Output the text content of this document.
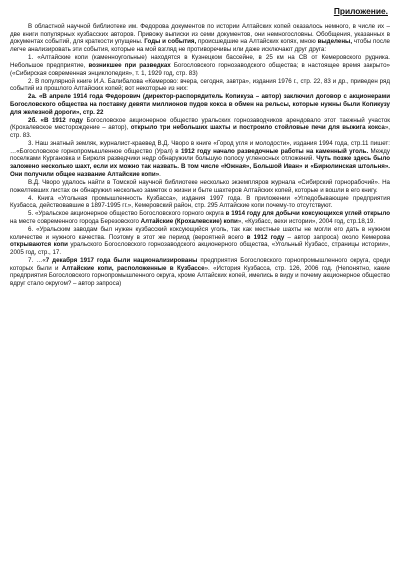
Приложение.

В областной научной библиотеке им. Федорова документов по истории Алтайских копей оказалось немного, в числе их – две книги популярных кузбасских авторов. Привожу выписки из семи документов, они немногословны. Обобщения, указанных в документах событий, для краткости упущены. Годы и события, происшедшие на Алтайских копях, мною выделены, чтобы после легче анализировать эти события, которые на мой взгляд не противоречивы или даже исключают друг друга:

1. «Алтайские копи (каменноугольные) находятся в Кузнецком бассейне, в 25 км на СВ от Кемеровского рудника. Небольшое предприятие, возникшее при разведках Богословского горнозаводского общества; в настоящее время закрыто» («Сибирская современная энциклопедия», т. 1, 1929 год, стр. 83)

2. В популярной книге И.А. Балибалова «Кемерово: вчера, сегодня, завтра», издания 1976 г., стр. 22, 83 и др., приведен ряд событий из прошлого Алтайских копей; вот некоторые из них:

2а. «В апреле 1914 года Федорович (директор-распорядитель Копикуза – автор) заключил договор с акционерами Богословского общества на поставку девяти миллионов пудов кокса в обмен на рельсы, которые нужны были Копикузу для железной дороги», стр. 22

2б. «В 1912 году Богословское акционерное общество уральских горнозаводчиков арендовало этот таежный участок (Крохалевское месторождение – автор), открыло три небольших шахты и построило стойловые печи для выжига кокса», стр. 83.

3. Наш знатный земляк, журналист-краевед В.Д. Чворо в книге «Город угля и молодости», издания 1994 года, стр.11 пишет: …«Богословское горнопромышленное общество (Урал) в 1912 году начало разведочные работы на каменный уголь. Между поселками Кургановка и Бирюля разведчики недр обнаружили большую полосу угленосных отложений. Чуть позже здесь было заложено несколько шахт, если их можно так назвать. В том числе «Южная», Большой Иван» и «Бирюлинская штольня». Они получили общее название Алтайские копи».

В.Д. Чворо удалось найти в Томской научной библиотеке несколько экземпляров журнала «Сибирский горнорабочий». На пожелтевших листах он обнаружил несколько заметок о жизни и быте шахтеров Алтайских копей, которые и вошли в его книгу.

4. Книга «Угольная промышленность Кузбасса», издания 1997 года. В приложении «Угледобывающие предприятия Кузбасса, действовавшие в 1897-1995 гг.», Кемеровский район, стр. 295 Алтайские копи почему-то отсутствуют.

5. «Уральское акционерное общество Богословского горного округа в 1914 году для добычи коксующихся углей открыло на месте современного города Березовского Алтайские (Крохалевские) копи», «Кузбасс, вехи истории», 2004 год, стр.18,19.

6. «Уральским заводам был нужен кузбасский коксующийся уголь, так как местные шахты не могли его дать в нужном количестве и нужного качества. Поэтому в этот же период (вероятней всего в 1912 году – автор запроса) около Кемерова открываются копи уральского Богословского горнозаводского акционерного общества, «Угольный Кузбасс, страницы истории», 2005 год, стр., 17.

7. …«7 декабря 1917 года были национализированы предприятия Богословского горнопромышленного округа, среди которых были и Алтайские копи, расположенные в Кузбассе». «История Кузбасса, стр. 126, 2006 год. (Непонятно, какие предприятия Богословского горнопромышленного округа, кроме Алтайских копей, имелись в виду и почему акционерное общество вдруг стало округом? – автор запроса)
